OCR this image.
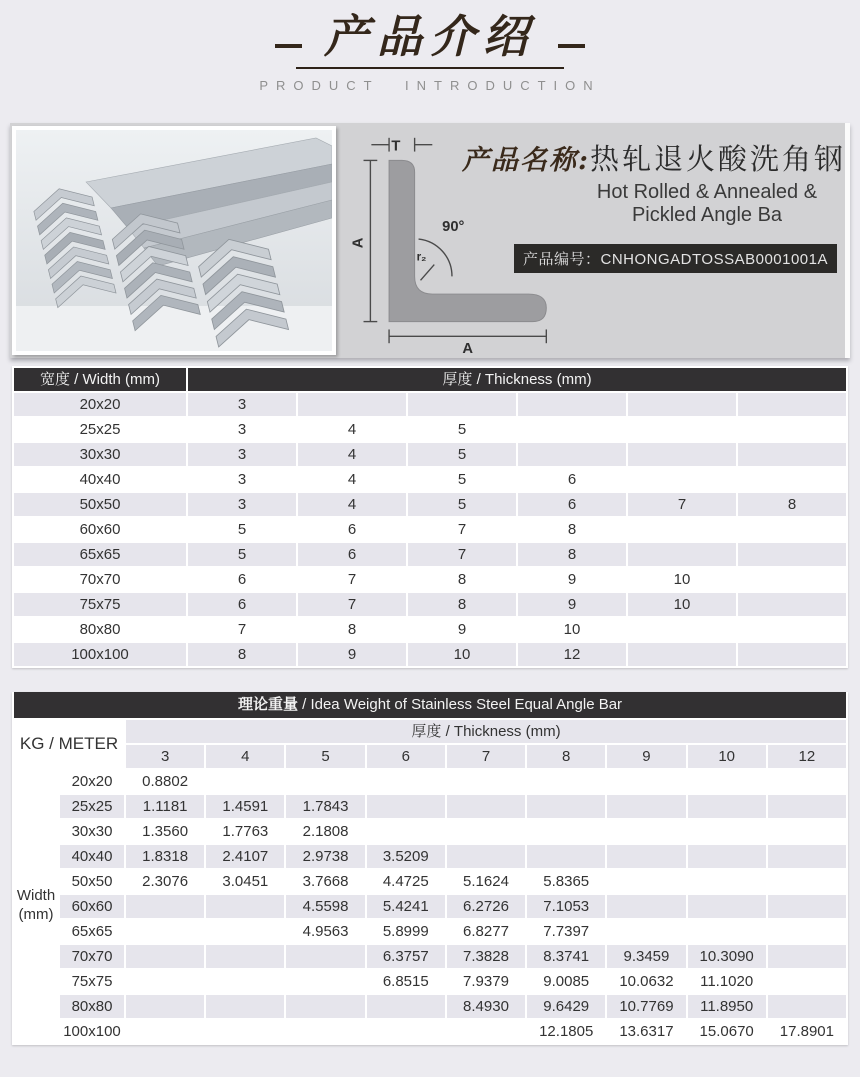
产品介绍
PRODUCT INTRODUCTION
T
A
A
90°
r₂
产品名称:热轧退火酸洗角钢
Hot Rolled & Annealed &
Pickled Angle Ba
产品编号：CNHONGADTOSSAB0001001A
宽度 / Width (mm)	厚度 / Thickness (mm)					
20x20	3					
25x25	3	4	5			
30x30	3	4	5			
40x40	3	4	5	6		
50x50	3	4	5	6	7	8
60x60	5	6	7	8		
65x65	5	6	7	8		
70x70	6	7	8	9	10	
75x75	6	7	8	9	10	
80x80	7	8	9	10		
100x100	8	9	10	12		
理论重量 / Idea Weight of Stainless Steel Equal Angle Bar
KG / METER		厚度 / Thickness (mm)								
		3	4	5	6	7	8	9	10	12
Width (mm)	20x20	0.8802								
	25x25	1.1181	1.4591	1.7843						
	30x30	1.3560	1.7763	2.1808						
	40x40	1.8318	2.4107	2.9738	3.5209					
	50x50	2.3076	3.0451	3.7668	4.4725	5.1624	5.8365			
	60x60			4.5598	5.4241	6.2726	7.1053			
	65x65			4.9563	5.8999	6.8277	7.7397			
	70x70				6.3757	7.3828	8.3741	9.3459	10.3090	
	75x75				6.8515	7.9379	9.0085	10.0632	11.1020	
	80x80					8.4930	9.6429	10.7769	11.8950	
	100x100						12.1805	13.6317	15.0670	17.8901
